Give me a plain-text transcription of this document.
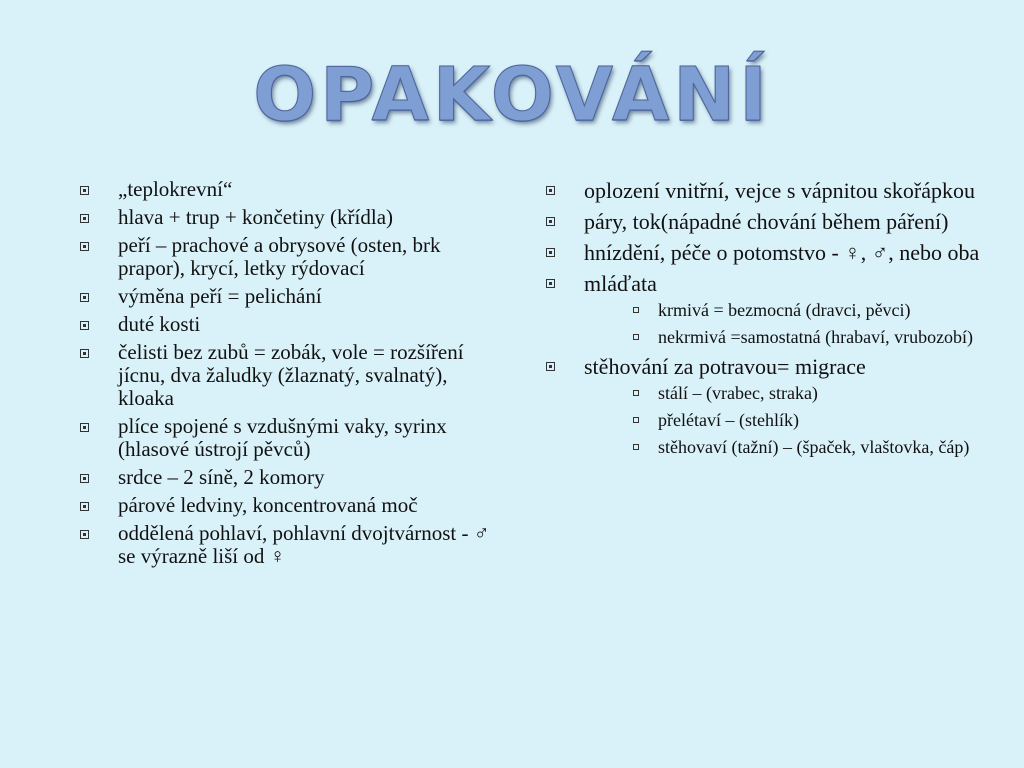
OPAKOVÁNÍ
„teplokrevní“
hlava + trup + končetiny (křídla)
peří – prachové a obrysové (osten, brk prapor), krycí, letky rýdovací
výměna peří = pelichání
duté kosti
čelisti bez zubů = zobák, vole = rozšíření jícnu, dva žaludky (žlaznatý, svalnatý), kloaka
plíce spojené s vzdušnými vaky, syrinx (hlasové ústrojí pěvců)
srdce – 2 síně, 2 komory
párové ledviny, koncentrovaná moč
oddělená pohlaví, pohlavní dvojtvárnost - ♂ se výrazně liší od ♀
oplození vnitřní, vejce s vápnitou skořápkou
páry, tok(nápadné chování během páření)
hnízdění, péče o potomstvo - ♀, ♂, nebo oba
mláďata
krmivá = bezmocná (dravci, pěvci)
nekrmivá =samostatná (hrabaví, vrubozobí)
stěhování za potravou= migrace
stálí – (vrabec, straka)
přelétaví – (stehlík)
stěhovaví (tažní) – (špaček, vlaštovka, čáp)
